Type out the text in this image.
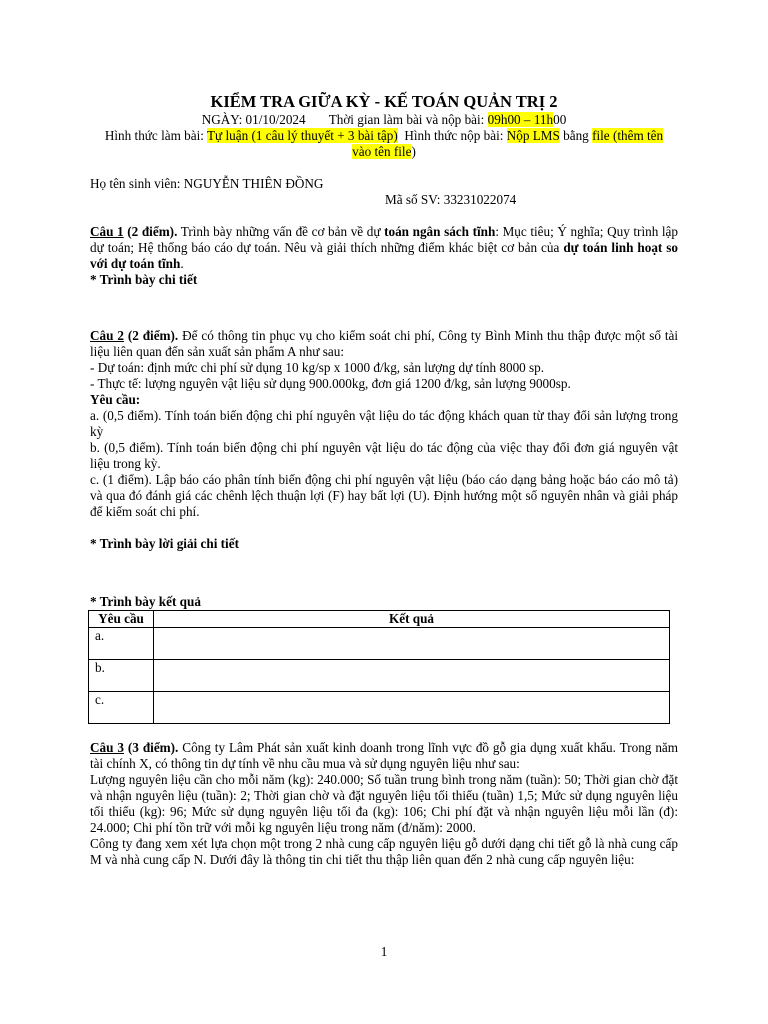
KIỂM TRA GIỮA KỲ - KẾ TOÁN QUẢN TRỊ 2
NGÀY: 01/10/2024 Thời gian làm bài và nộp bài: 09h00 – 11h00
Hình thức làm bài: Tự luận (1 câu lý thuyết + 3 bài tập) Hình thức nộp bài: Nộp LMS bằng file (thêm tên
vào tên file)
Họ tên sinh viên: NGUYỄN THIÊN ĐỒNG
Mã số SV: 33231022074
Câu 1 (2 điểm). Trình bày những vấn đề cơ bản về dự toán ngân sách tĩnh: Mục tiêu; Ý nghĩa; Quy trình lập dự toán; Hệ thống báo cáo dự toán. Nêu và giải thích những điểm khác biệt cơ bản của dự toán linh hoạt so với dự toán tĩnh.
* Trình bày chi tiết
Câu 2 (2 điểm). Để có thông tin phục vụ cho kiểm soát chi phí, Công ty Bình Minh thu thập được một số tài liệu liên quan đến sản xuất sản phẩm A như sau:
- Dự toán: định mức chi phí sử dụng 10 kg/sp x 1000 đ/kg, sản lượng dự tính 8000 sp.
- Thực tế: lượng nguyên vật liệu sử dụng 900.000kg, đơn giá 1200 đ/kg, sản lượng 9000sp.
Yêu cầu:
a. (0,5 điểm). Tính toán biến động chi phí nguyên vật liệu do tác động khách quan từ thay đổi sản lượng trong kỳ
b. (0,5 điểm). Tính toán biến động chi phí nguyên vật liệu do tác động của việc thay đổi đơn giá nguyên vật liệu trong kỳ.
c. (1 điểm). Lập báo cáo phân tính biến động chi phí nguyên vật liệu (báo cáo dạng bảng hoặc báo cáo mô tả) và qua đó đánh giá các chênh lệch thuận lợi (F) hay bất lợi (U). Định hướng một số nguyên nhân và giải pháp để kiểm soát chi phí.
* Trình bày lời giải chi tiết
* Trình bày kết quả
Yêu cầu	Kết quả
a.	
b.	
c.	
Câu 3 (3 điểm). Công ty Lâm Phát sản xuất kinh doanh trong lĩnh vực đồ gỗ gia dụng xuất khẩu. Trong năm tài chính X, có thông tin dự tính về nhu cầu mua và sử dụng nguyên liệu như sau:
Lượng nguyên liệu cần cho mỗi năm (kg): 240.000; Số tuần trung bình trong năm (tuần): 50; Thời gian chờ đặt và nhận nguyên liệu (tuần): 2; Thời gian chờ và đặt nguyên liệu tối thiểu (tuần) 1,5; Mức sử dụng nguyên liệu tối thiểu (kg): 96; Mức sử dụng nguyên liệu tối đa (kg): 106; Chi phí đặt và nhận nguyên liệu mỗi lần (đ): 24.000; Chi phí tồn trữ với mỗi kg nguyên liệu trong năm (đ/năm): 2000.
Công ty đang xem xét lựa chọn một trong 2 nhà cung cấp nguyên liệu gỗ dưới dạng chi tiết gỗ là nhà cung cấp M và nhà cung cấp N. Dưới đây là thông tin chi tiết thu thập liên quan đến 2 nhà cung cấp nguyên liệu:
1
